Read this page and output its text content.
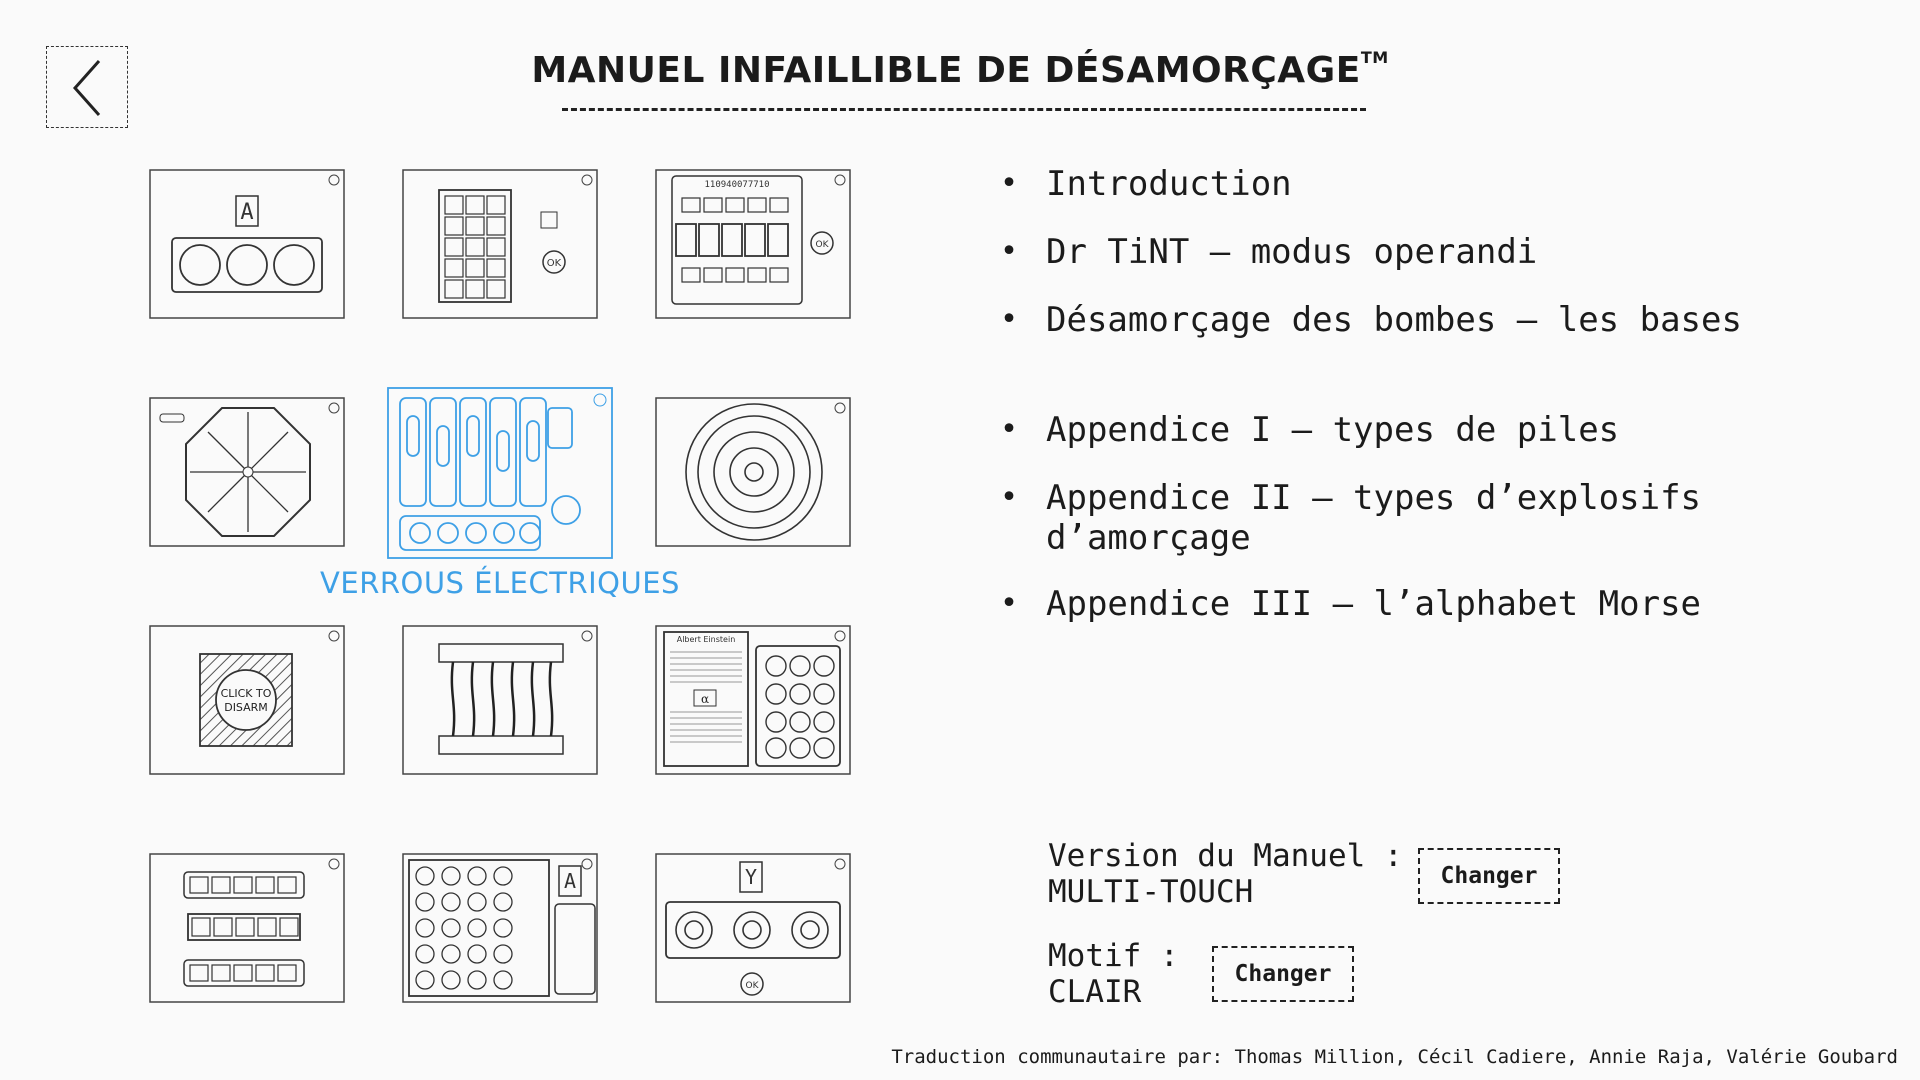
MANUEL INFAILLIBLE DE DÉSAMORÇAGE™
A
OK
110940077710
OK
VERROUS ÉLECTRIQUES
CLICK TO
DISARM
Albert Einstein
α
A	Y
OK
• Introduction
• Dr TiNT – modus operandi
• Désamorçage des bombes – les bases
• Appendice I – types de piles
• Appendice II – types d’explosifs
d’amorçage
• Appendice III – l’alphabet Morse
Version du Manuel :
MULTI-TOUCH	Changer
Motif :
CLAIR	Changer
Traduction communautaire par: Thomas Million, Cécil Cadiere, Annie Raja, Valérie Goubard
